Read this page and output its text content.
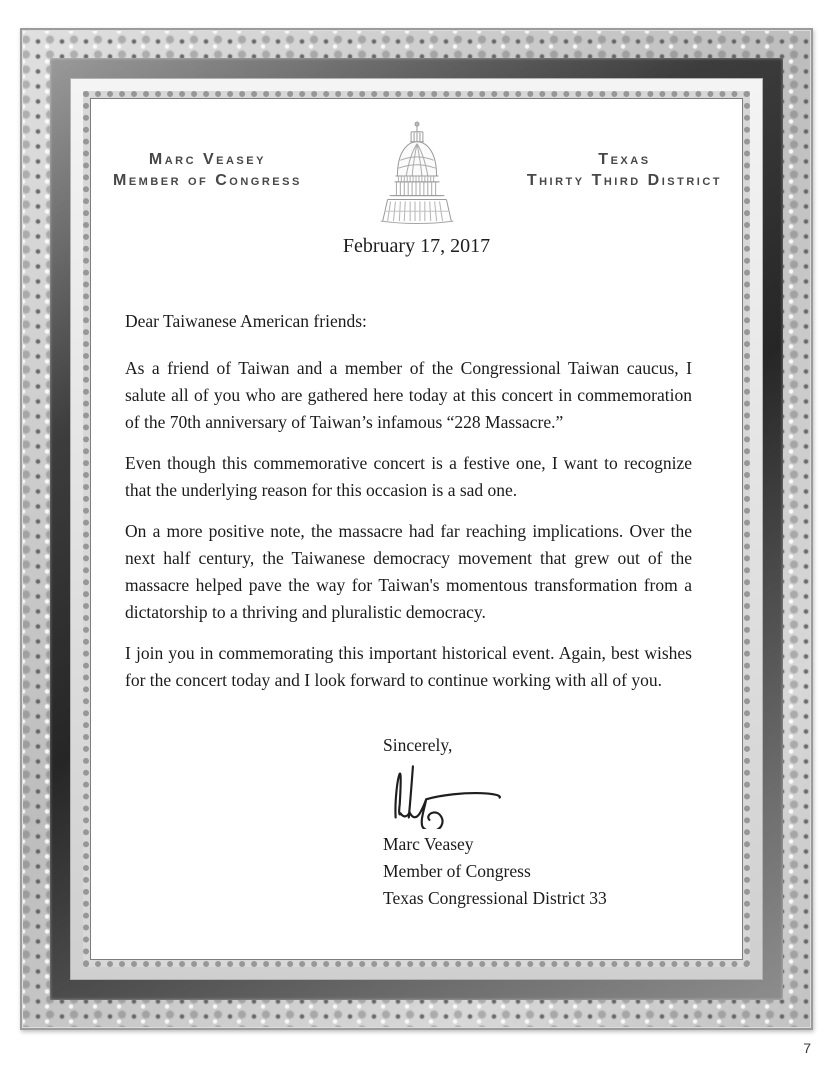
Marc Veasey
Member of Congress
Texas
Thirty Third District
February 17, 2017
Dear Taiwanese American friends:

As a friend of Taiwan and a member of the Congressional Taiwan caucus, I salute all of you who are gathered here today at this concert in commemoration of the 70th anniversary of Taiwan’s infamous “228 Massacre.”

Even though this commemorative concert is a festive one, I want to recognize that the underlying reason for this occasion is a sad one.

On a more positive note, the massacre had far reaching implications. Over the next half century, the Taiwanese democracy movement that grew out of the massacre helped pave the way for Taiwan's momentous transformation from a dictatorship to a thriving and pluralistic democracy.

I join you in commemorating this important historical event. Again, best wishes for the concert today and I look forward to continue working with all of you.

Sincerely,
Marc Veasey
Member of Congress
Texas Congressional District 33
7
